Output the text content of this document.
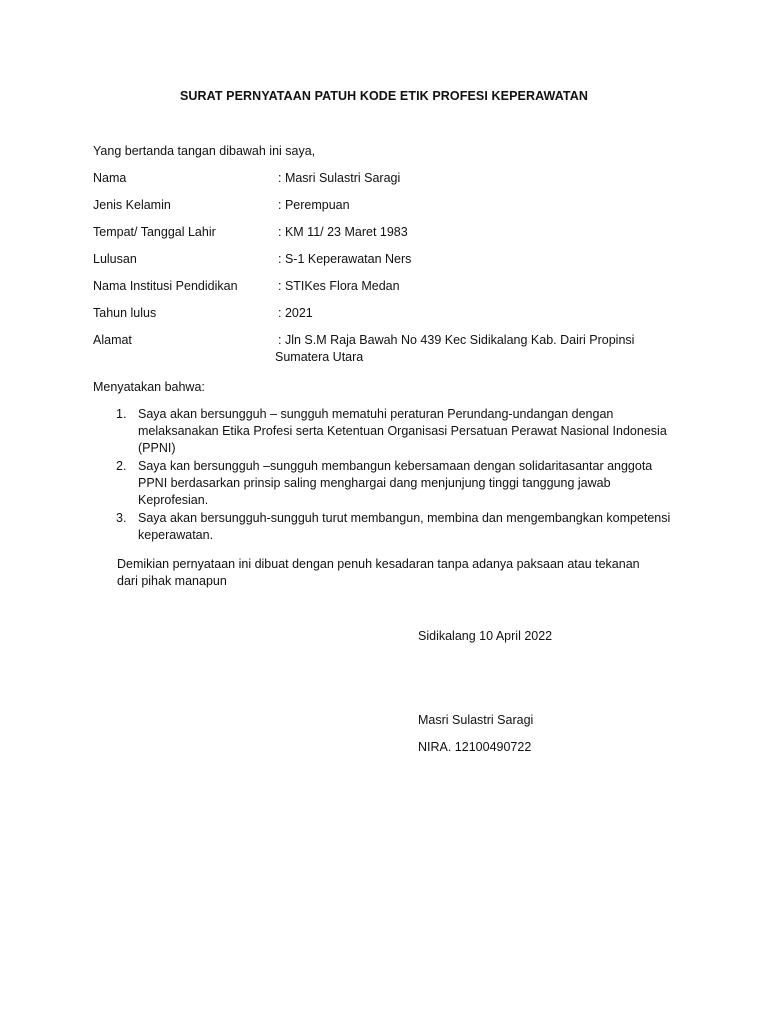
SURAT PERNYATAAN PATUH KODE ETIK PROFESI KEPERAWATAN
Yang bertanda tangan dibawah ini saya,
Nama	: Masri Sulastri Saragi
Jenis Kelamin	: Perempuan
Tempat/ Tanggal Lahir	: KM 11/ 23 Maret 1983
Lulusan	: S-1 Keperawatan Ners
Nama Institusi Pendidikan	: STIKes Flora Medan
Tahun lulus	: 2021
Alamat	: Jln S.M Raja Bawah No 439 Kec Sidikalang Kab. Dairi Propinsi
Sumatera Utara
Menyatakan bahwa:
1. Saya akan bersungguh – sungguh mematuhi peraturan Perundang-undangan dengan melaksanakan Etika Profesi serta Ketentuan Organisasi Persatuan Perawat Nasional Indonesia (PPNI)
2. Saya kan bersungguh –sungguh membangun kebersamaan dengan solidaritasantar anggota PPNI berdasarkan prinsip saling menghargai dang menjunjung tinggi tanggung jawab Keprofesian.
3. Saya akan bersungguh-sungguh turut membangun, membina dan mengembangkan kompetensi keperawatan.
Demikian pernyataan ini dibuat dengan penuh kesadaran tanpa adanya paksaan atau tekanan dari pihak manapun
Sidikalang 10 April 2022
Masri Sulastri Saragi
NIRA. 12100490722
